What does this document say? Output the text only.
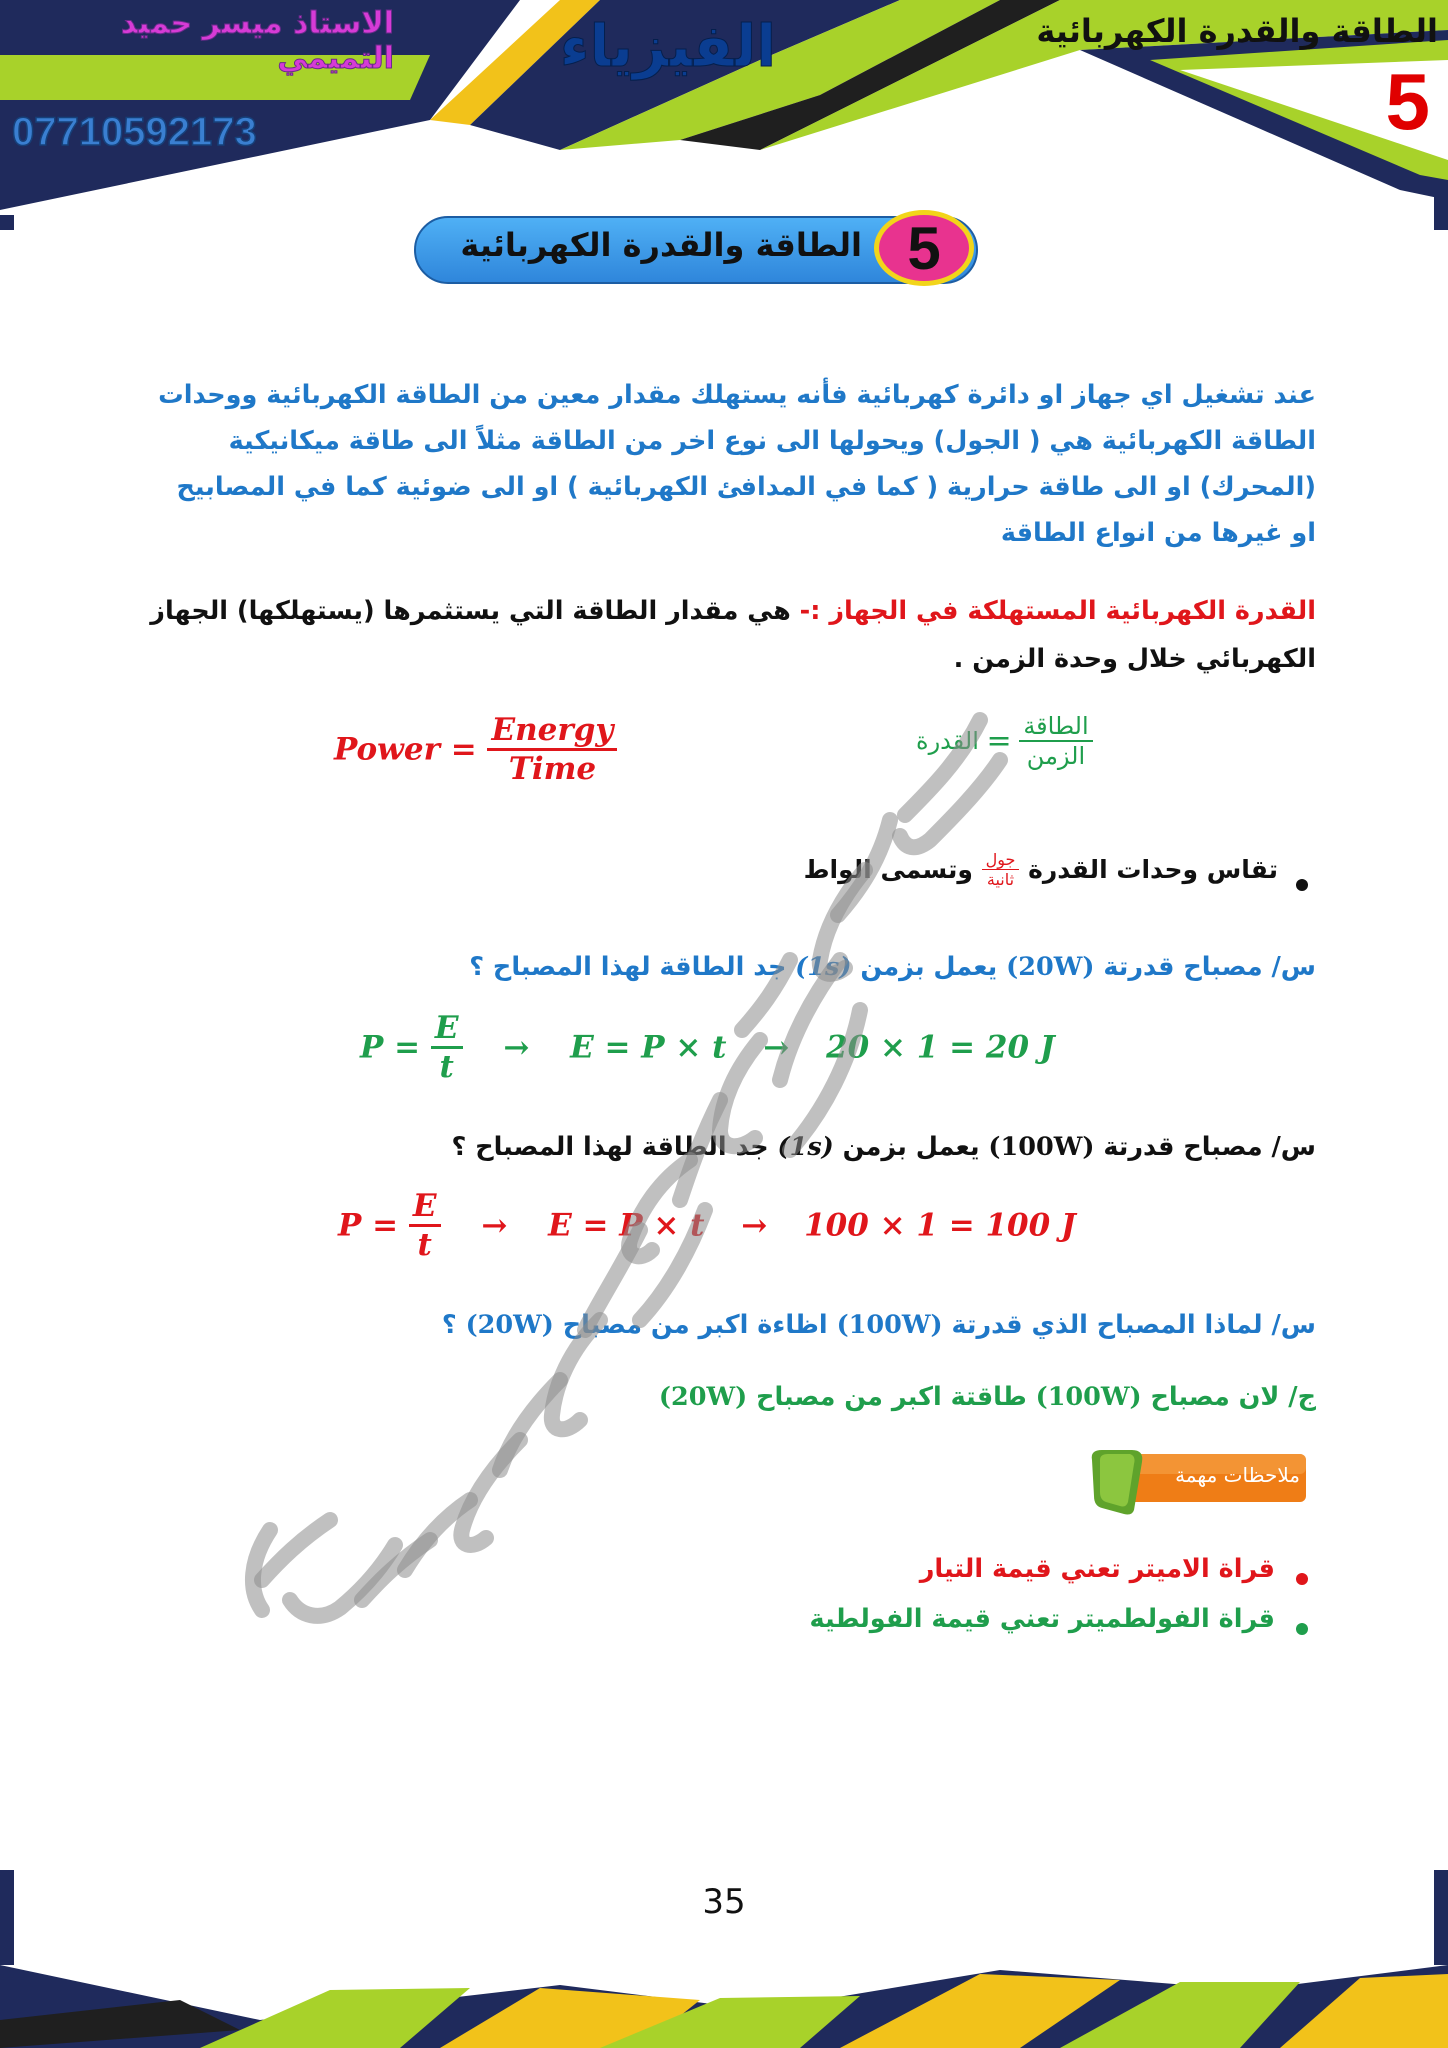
الاستاذ ميسر حميد التميمي
07710592173
الفيزياء	الطاقة والقدرة الكهربائية
5
الطاقة والقدرة الكهربائية 5
عند تشغيل اي جهاز او دائرة كهربائية فأنه يستهلك مقدار معين من الطاقة الكهربائية ووحدات
الطاقة الكهربائية هي ( الجول) ويحولها الى نوع اخر من الطاقة مثلاً الى طاقة ميكانيكية
(المحرك) او الى طاقة حرارية ( كما في المدافئ الكهربائية ) او الى ضوئية كما في المصابيح
او غيرها من انواع الطاقة
القدرة الكهربائية المستهلكة في الجهاز :- هي مقدار الطاقة التي يستثمرها (يستهلكها) الجهاز
الكهربائي خلال وحدة الزمن .
Power = $\frac{\text{Energy}}{\text{Time}}$	القدرة = $\frac{\text{الطاقة}}{\text{الزمن}}$
تقاس وحدات القدرة
$\frac{\text{جول}}{\text{ثانية}}$
وتسمى الواط
س/ مصباح قدرتة (20W) يعمل بزمن (1s) جد الطاقة لهذا المصباح ؟
$P = \frac{E}{t} \to E = P \times t \to 20 \times 1 = 20$ J
س/ مصباح قدرتة (100W) يعمل بزمن (1s) جد الطاقة لهذا المصباح ؟
$P = \frac{E}{t} \to E = P \times t \to 100 \times 1 = 100$ J
س/ لماذا المصباح الذي قدرتة (100W) اظاءة اكبر من مصباح (20W) ؟
ج/ لان مصباح (100W) طاقتة اكبر من مصباح (20W)
ملاحظات مهمة
قراة الاميتر تعني قيمة التيار
قراة الفولطميتر تعني قيمة الفولطية
35
